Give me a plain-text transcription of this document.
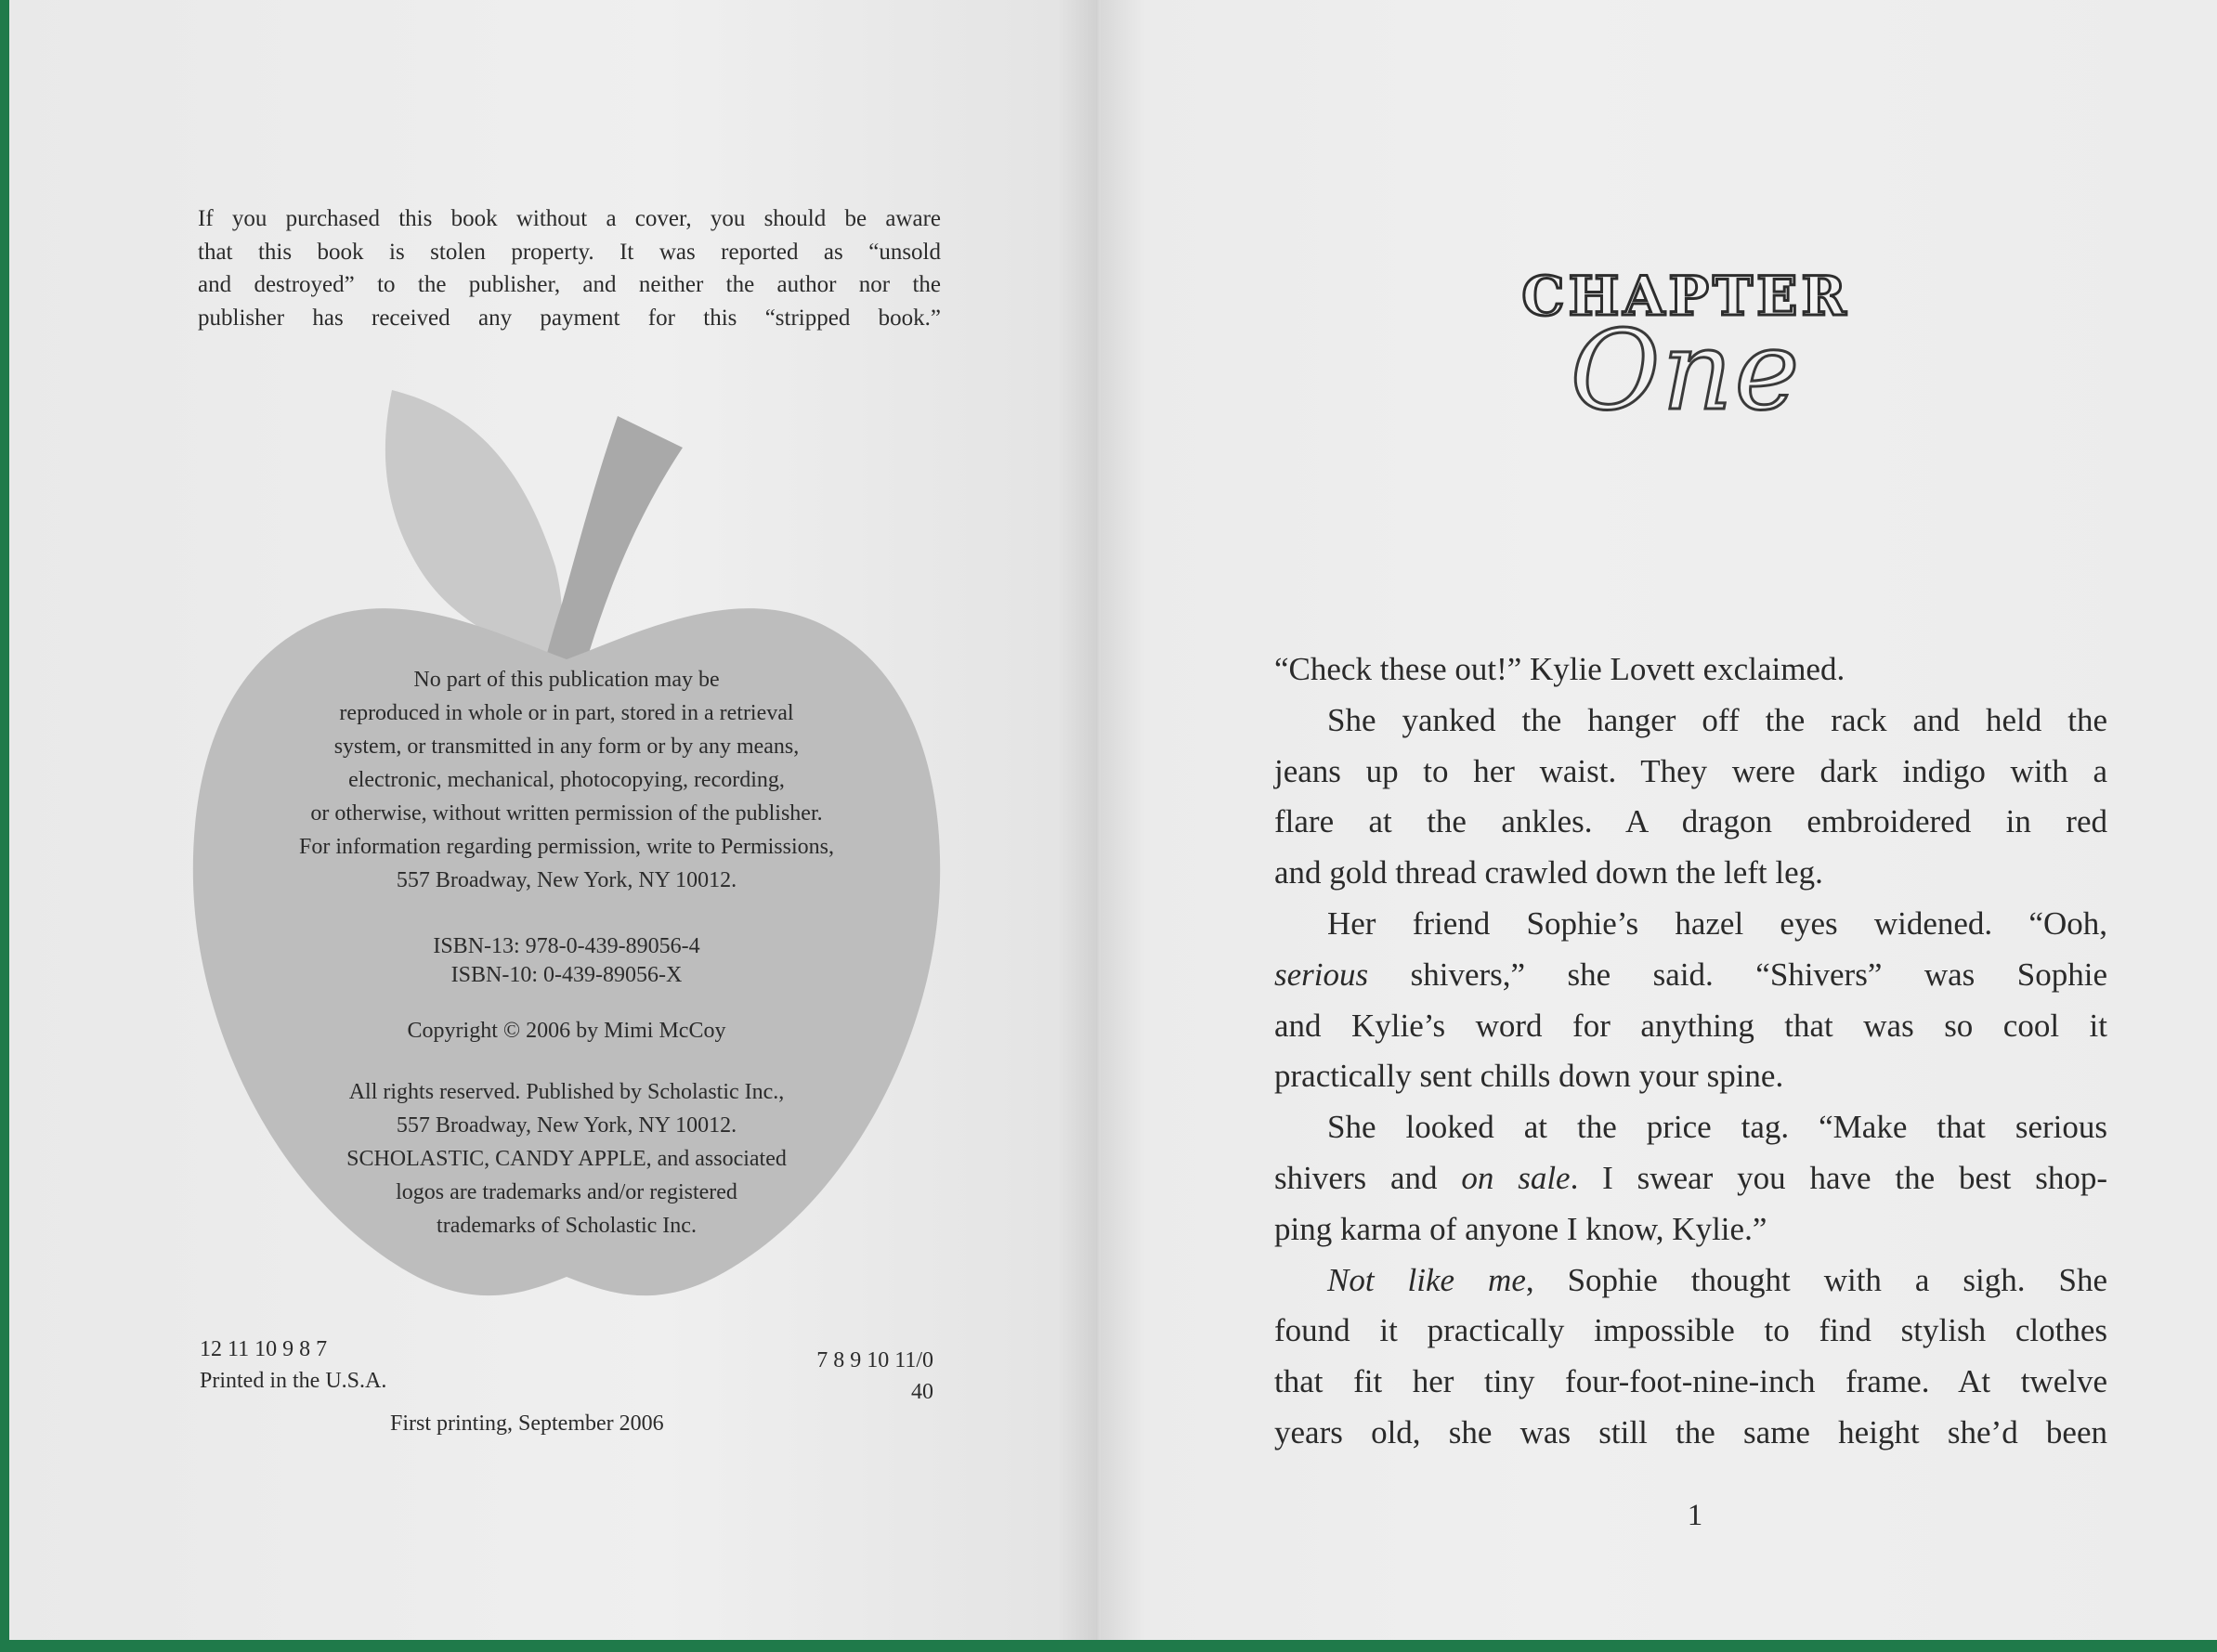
If you purchased this book without a cover, you should be aware
that this book is stolen property. It was reported as “unsold
and destroyed” to the publisher, and neither the author nor the
publisher has received any payment for this “stripped book.”
No part of this publication may be
reproduced in whole or in part, stored in a retrieval
system, or transmitted in any form or by any means,
electronic, mechanical, photocopying, recording,
or otherwise, without written permission of the publisher.
For information regarding permission, write to Permissions,
557 Broadway, New York, NY 10012.
ISBN-13: 978-0-439-89056-4
ISBN-10: 0-439-89056-X
Copyright © 2006 by Mimi McCoy
All rights reserved. Published by Scholastic Inc.,
557 Broadway, New York, NY 10012.
SCHOLASTIC, CANDY APPLE, and associated
logos are trademarks and/or registered
trademarks of Scholastic Inc.
12 11 10 9 8 7
Printed in the U.S.A.
7 8 9 10 11/0
40
First printing, September 2006
CHAPTER
One
“Check these out!” Kylie Lovett exclaimed.
She yanked the hanger off the rack and held the
jeans up to her waist. They were dark indigo with a
flare at the ankles. A dragon embroidered in red
and gold thread crawled down the left leg.
Her friend Sophie’s hazel eyes widened. “Ooh,
serious shivers,” she said. “Shivers” was Sophie
and Kylie’s word for anything that was so cool it
practically sent chills down your spine.
She looked at the price tag. “Make that serious
shivers and on sale. I swear you have the best shop-
ping karma of anyone I know, Kylie.”
Not like me, Sophie thought with a sigh. She
found it practically impossible to find stylish clothes
that fit her tiny four-foot-nine-inch frame. At twelve
years old, she was still the same height she’d been
1
